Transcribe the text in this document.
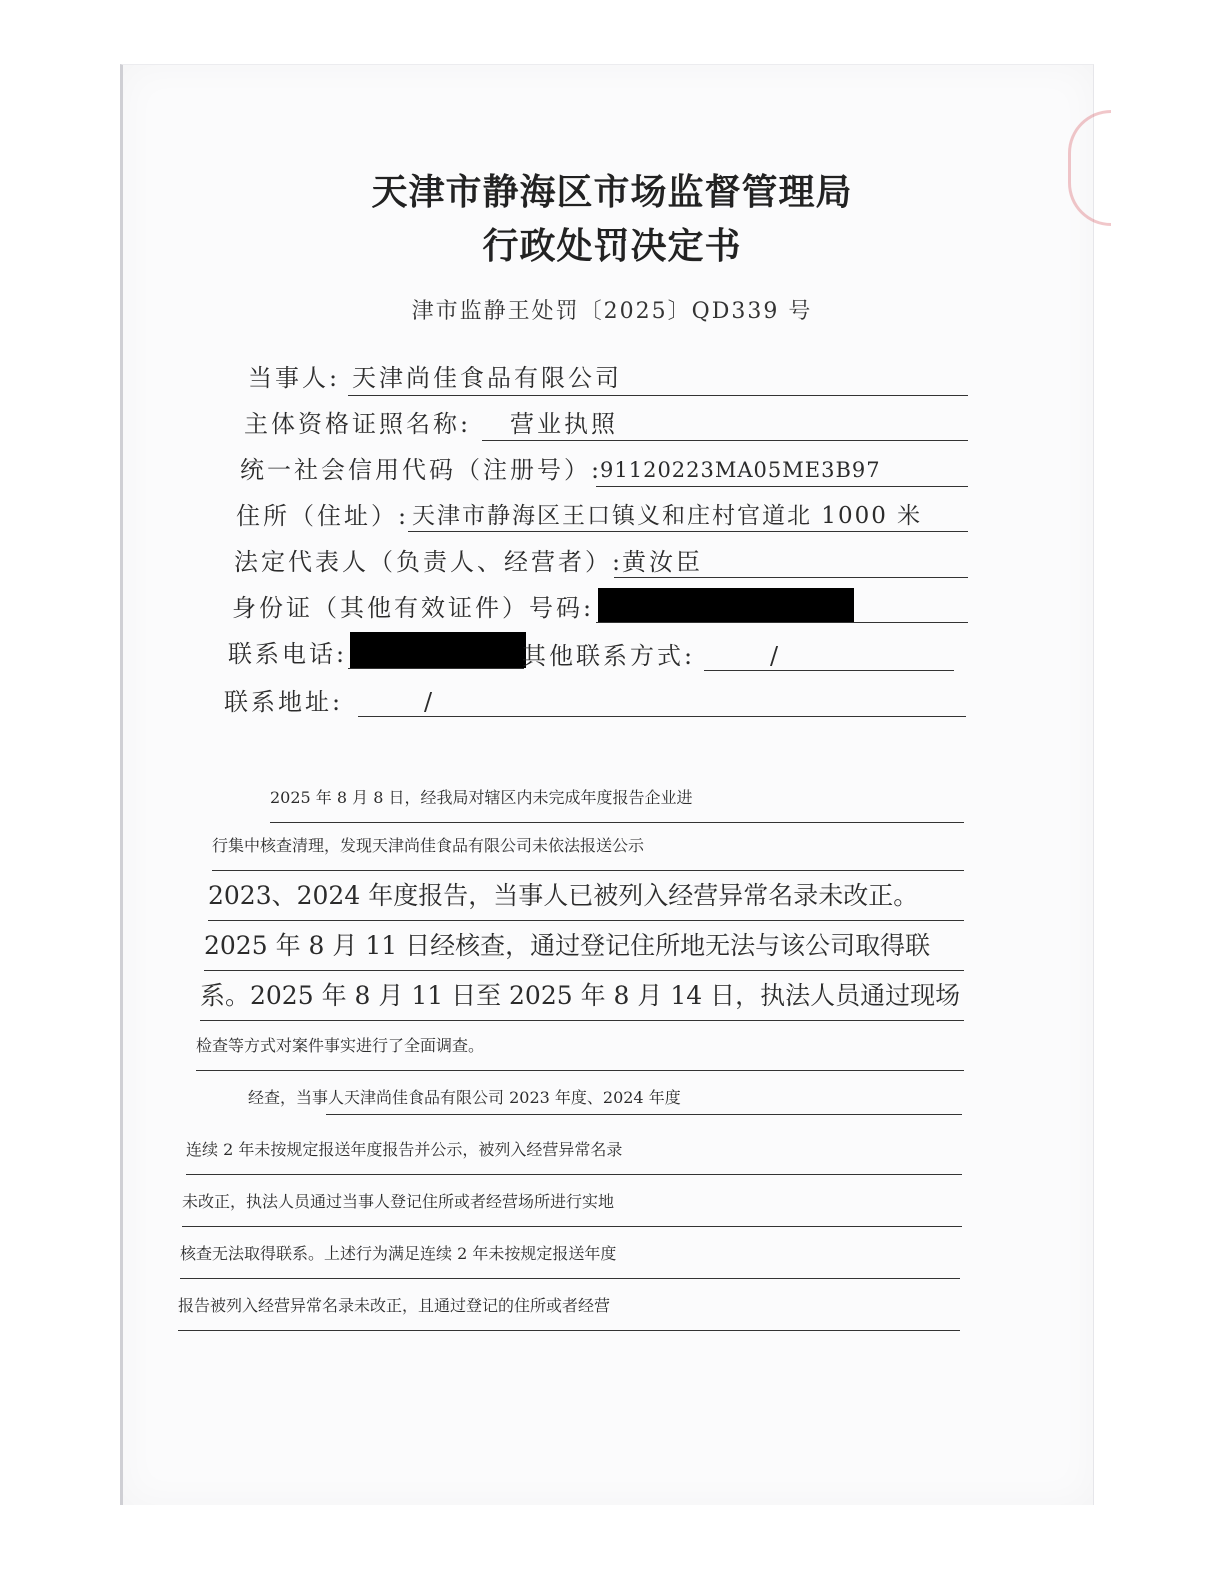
天津市静海区市场监督管理局
行政处罚决定书
津市监静王处罚〔2025〕QD339 号
当事人: 天津尚佳食品有限公司
主体资格证照名称: 营业执照
统一社会信用代码（注册号）:
91120223MA05ME3B97
住所（住址）: 天津市静海区王口镇义和庄村官道北 1000 米
法定代表人（负责人、经营者）:
黄汝臣
身份证（其他有效证件）号码:
联系电话:	其他联系方式:	/
联系地址:	/
2025 年 8 月 8 日，经我局对辖区内未完成年度报告企业进
行集中核查清理，发现天津尚佳食品有限公司未依法报送公示
2023、2024 年度报告，当事人已被列入经营异常名录未改正。
2025 年 8 月 11 日经核查，通过登记住所地无法与该公司取得联
系。2025 年 8 月 11 日至 2025 年 8 月 14 日，执法人员通过现场
检查等方式对案件事实进行了全面调查。
经查，当事人天津尚佳食品有限公司 2023 年度、2024 年度
连续 2 年未按规定报送年度报告并公示，被列入经营异常名录
未改正，执法人员通过当事人登记住所或者经营场所进行实地
核查无法取得联系。上述行为满足连续 2 年未按规定报送年度
报告被列入经营异常名录未改正，且通过登记的住所或者经营
